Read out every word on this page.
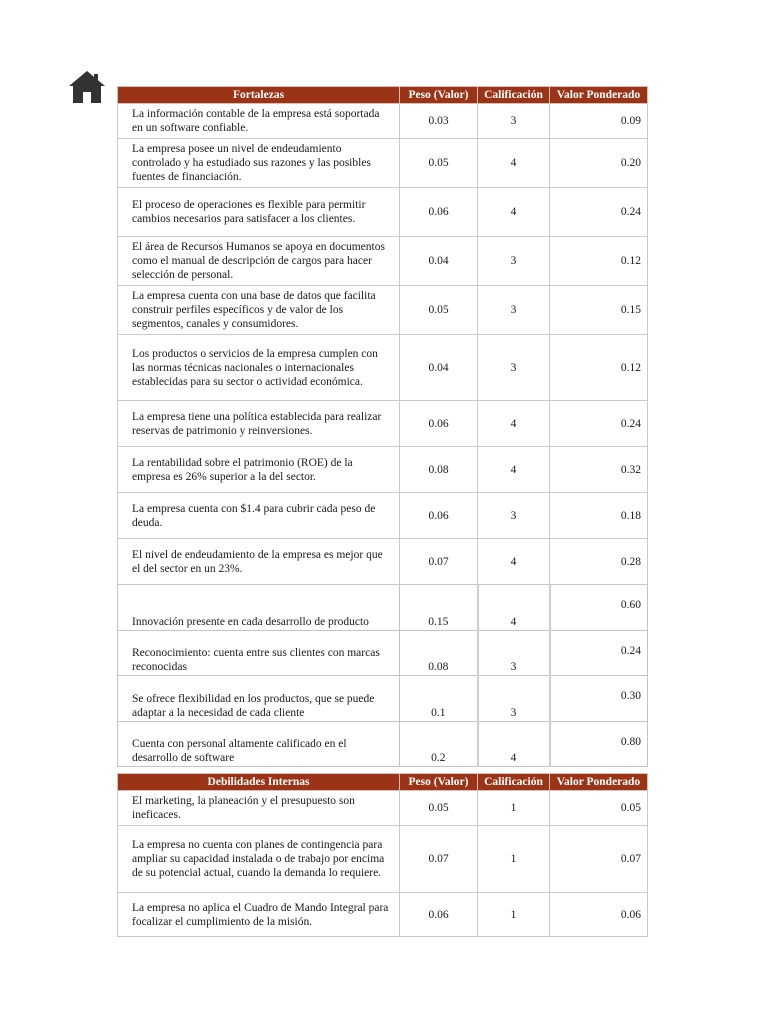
Fortalezas	Peso (Valor)	Calificación	Valor Ponderado
La información contable de la empresa está soportada en un software confiable.	0.03	3	0.09
La empresa posee un nivel de endeudamiento controlado y ha estudiado sus razones y las posibles fuentes de financiación.	0.05	4	0.20
El proceso de operaciones es flexible para permitir cambios necesarios para satisfacer a los clientes.	0.06	4	0.24
El área de Recursos Humanos se apoya en documentos como el manual de descripción de cargos para hacer selección de personal.	0.04	3	0.12
La empresa cuenta con una base de datos que facilita construir perfiles específicos y de valor de los segmentos, canales y consumidores.	0.05	3	0.15
Los productos o servicios de la empresa cumplen con las normas técnicas nacionales o internacionales establecidas para su sector o actividad económica.	0.04	3	0.12
La empresa tiene una política establecida para realizar reservas de patrimonio y reinversiones.	0.06	4	0.24
La rentabilidad sobre el patrimonio (ROE) de la empresa es 26% superior a la del sector.	0.08	4	0.32
La empresa cuenta con $1.4 para cubrir cada peso de deuda.	0.06	3	0.18
El nivel de endeudamiento de la empresa es mejor que el del sector en un 23%.	0.07	4	0.28
Innovación presente en cada desarrollo de producto	0.15	4	0.60
Reconocimiento: cuenta entre sus clientes con marcas reconocidas	0.08	3	0.24
Se ofrece flexibilidad en los productos, que se puede adaptar a la necesidad de cada cliente	0.1	3	0.30
Cuenta con personal altamente calificado en el desarrollo de software	0.2	4	0.80
Debilidades Internas	Peso (Valor)	Calificación	Valor Ponderado
El marketing, la planeación y el presupuesto son ineficaces.	0.05	1	0.05
La empresa no cuenta con planes de contingencia para ampliar su capacidad instalada o de trabajo por encima de su potencial actual, cuando la demanda lo requiere.	0.07	1	0.07
La empresa no aplica el Cuadro de Mando Integral para focalizar el cumplimiento de la misión.	0.06	1	0.06
